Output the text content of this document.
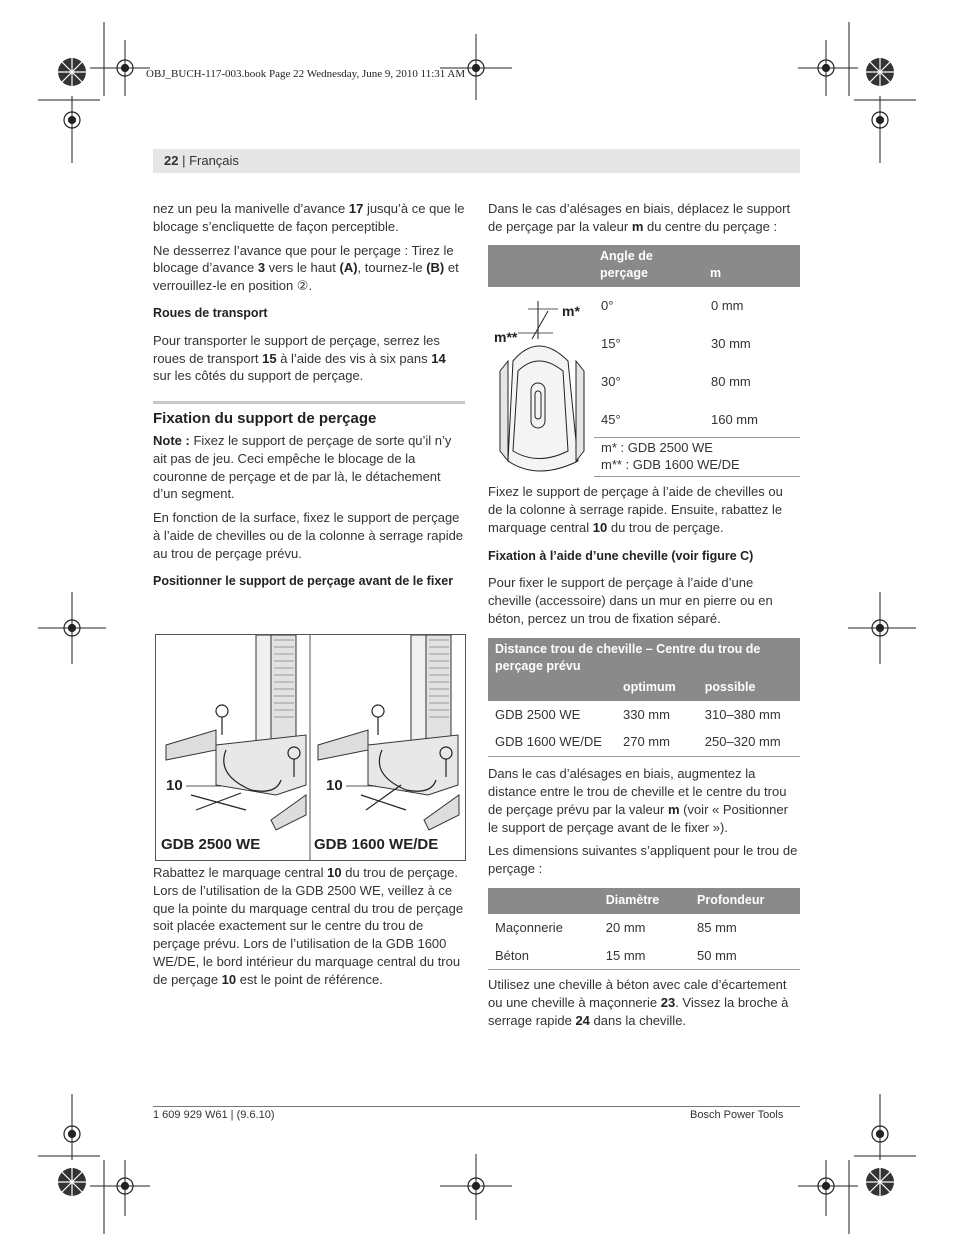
OBJ_BUCH-117-003.book Page 22 Wednesday, June 9, 2010 11:31 AM
22 | Français

nez un peu la manivelle d’avance 17 jusqu’à ce que le blocage s’encliquette de façon perceptible.

Ne desserrez l’avance que pour le perçage : Tirez le blocage d’avance 3 vers le haut (A), tournez-le (B) et verrouillez-le en position ②.

Roues de transport

Pour transporter le support de perçage, serrez les roues de transport 15 à l’aide des vis à six pans 14 sur les côtés du support de perçage.

Fixation du support de perçage

Note : Fixez le support de perçage de sorte qu’il n’y ait pas de jeu. Ceci empêche le blocage de la couronne de perçage et de par là, le détachement d’un segment.

En fonction de la surface, fixez le support de perçage à l’aide de chevilles ou de la colonne à serrage rapide au trou de perçage prévu.

Positionner le support de perçage avant de le fixer
10	10
GDB 2500 WE	GDB 1600 WE/DE

Rabattez le marquage central 10 du trou de perçage. Lors de l’utilisation de la GDB 2500 WE, veillez à ce que la pointe du marquage central du trou de perçage soit placée exactement sur le centre du trou de perçage prévu. Lors de l’utilisation de la GDB 1600 WE/DE, le bord intérieur du marquage central du trou de perçage 10 est le point de référence.

Dans le cas d’alésages en biais, déplacez le support de perçage par la valeur m du centre du perçage :

Angle de perçage	m
m*
m**
0°	0 mm
15°	30 mm
30°	80 mm
45°	160 mm
m* : GDB 2500 WE
m** : GDB 1600 WE/DE

Fixez le support de perçage à l’aide de chevilles ou de la colonne à serrage rapide. Ensuite, rabattez le marquage central 10 du trou de perçage.

Fixation à l’aide d’une cheville (voir figure C)

Pour fixer le support de perçage à l’aide d’une cheville (accessoire) dans un mur en pierre ou en béton, percez un trou de fixation séparé.

Distance trou de cheville – Centre du trou de perçage prévu		
	optimum	possible
GDB 2500 WE	330 mm	310–380 mm
GDB 1600 WE/DE	270 mm	250–320 mm

Dans le cas d’alésages en biais, augmentez la distance entre le trou de cheville et le centre du trou de perçage prévu par la valeur m (voir « Positionner le support de perçage avant de le fixer »).

Les dimensions suivantes s’appliquent pour le trou de perçage :

	Diamètre	Profondeur
Maçonnerie	20 mm	85 mm
Béton	15 mm	50 mm

Utilisez une cheville à béton avec cale d’écartement ou une cheville à maçonnerie 23. Vissez la broche à serrage rapide 24 dans la cheville.

1 609 929 W61 | (9.6.10)	Bosch Power Tools
